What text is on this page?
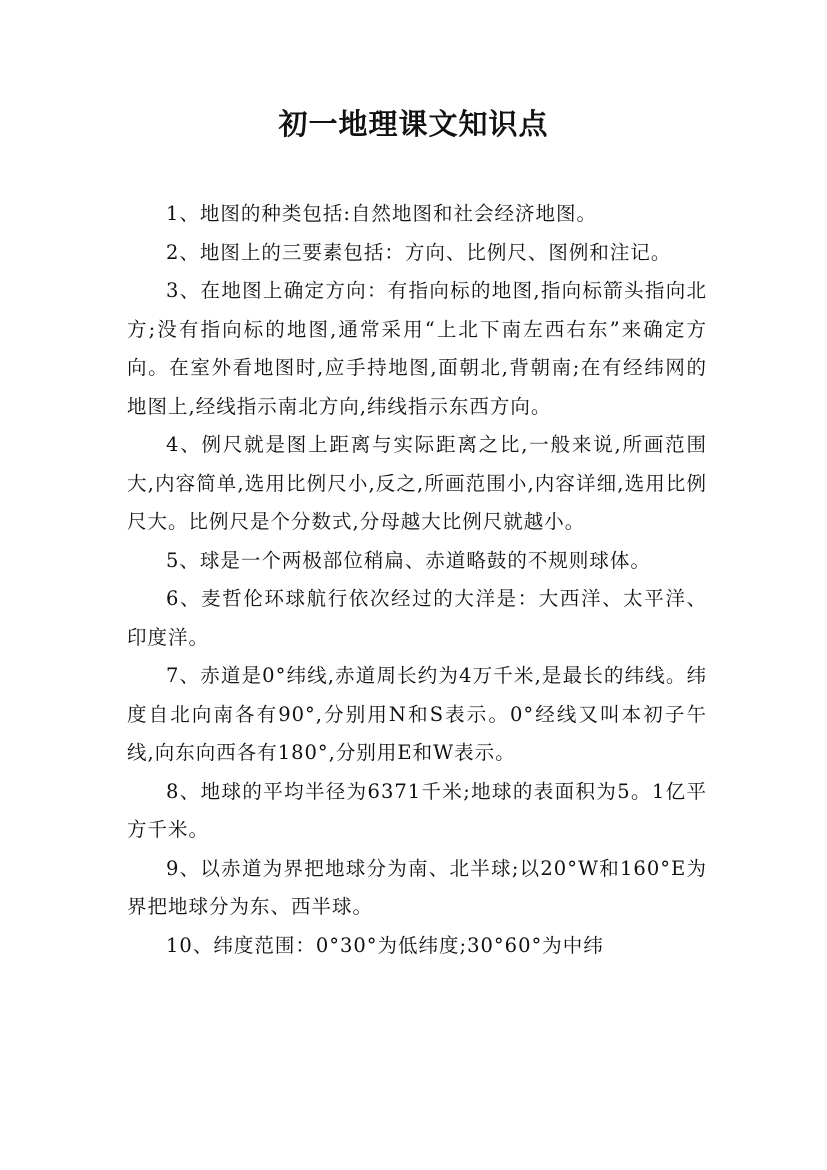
初一地理课文知识点

1、地图的种类包括:自然地图和社会经济地图。

2、地图上的三要素包括：方向、比例尺、图例和注记。

3、在地图上确定方向：有指向标的地图,指向标箭头指向北方;没有指向标的地图,通常采用“上北下南左西右东”来确定方向。在室外看地图时,应手持地图,面朝北,背朝南;在有经纬网的地图上,经线指示南北方向,纬线指示东西方向。

4、例尺就是图上距离与实际距离之比,一般来说,所画范围大,内容简单,选用比例尺小,反之,所画范围小,内容详细,选用比例尺大。比例尺是个分数式,分母越大比例尺就越小。

5、球是一个两极部位稍扁、赤道略鼓的不规则球体。

6、麦哲伦环球航行依次经过的大洋是：大西洋、太平洋、印度洋。

7、赤道是0°纬线,赤道周长约为4万千米,是最长的纬线。纬度自北向南各有90°,分别用N和S表示。0°经线又叫本初子午线,向东向西各有180°,分别用E和W表示。

8、地球的平均半径为6371千米;地球的表面积为5。1亿平方千米。

9、以赤道为界把地球分为南、北半球;以20°W和160°E为界把地球分为东、西半球。

10、纬度范围：0°30°为低纬度;30°60°为中纬
